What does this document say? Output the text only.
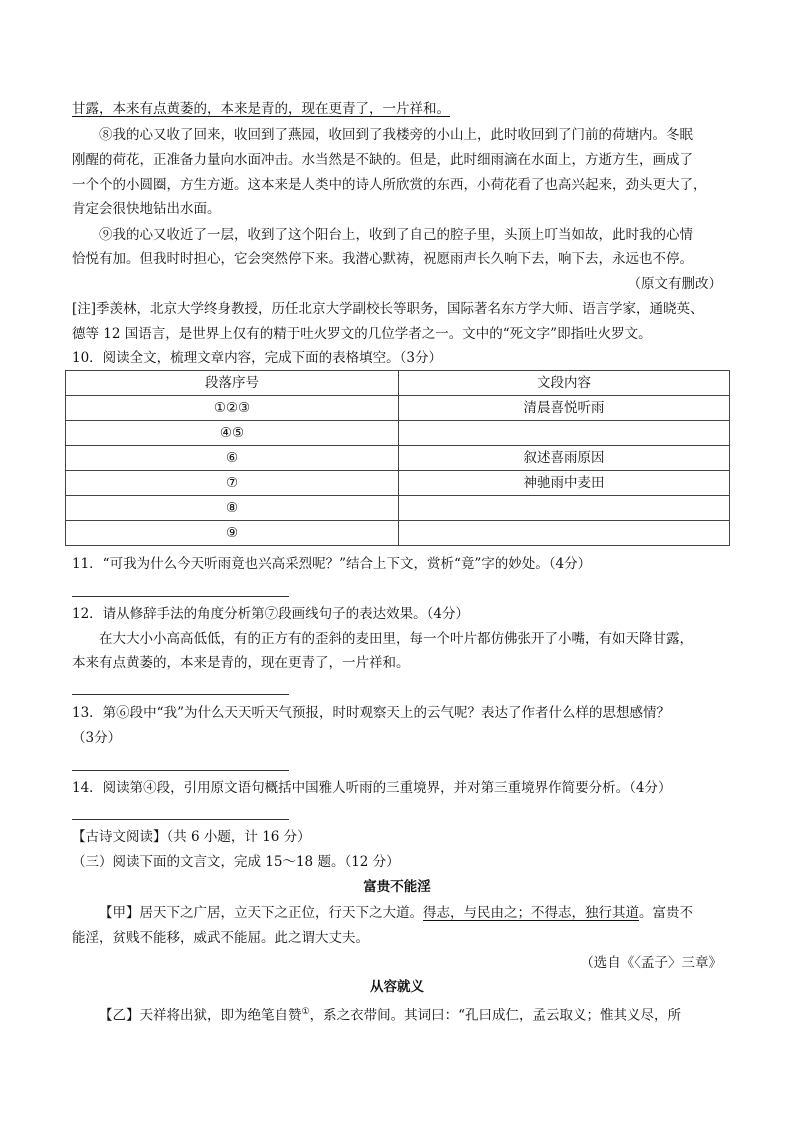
甘露，本来有点黄萎的，本来是青的，现在更青了，一片祥和。
⑧我的心又收了回来，收回到了燕园，收回到了我楼旁的小山上，此时收回到了门前的荷塘内。冬眠
刚醒的荷花，正准备力量向水面冲击。水当然是不缺的。但是，此时细雨滴在水面上，方逝方生，画成了
一个个的小圆圈，方生方逝。这本来是人类中的诗人所欣赏的东西，小荷花看了也高兴起来，劲头更大了，
肯定会很快地钻出水面。
⑨我的心又收近了一层，收到了这个阳台上，收到了自己的腔子里，头顶上叮当如故，此时我的心情
恰悦有加。但我时时担心，它会突然停下来。我潜心默祷，祝愿雨声长久响下去，响下去，永远也不停。
（原文有删改）
[注]季羡林，北京大学终身教授，历任北京大学副校长等职务，国际著名东方学大师、语言学家，通晓英、
德等 12 国语言，是世界上仅有的精于吐火罗文的几位学者之一。文中的“死文字”即指吐火罗文。
10．阅读全文，梳理文章内容，完成下面的表格填空。（3分）
段落序号	文段内容
①②③	清晨喜悦听雨
④⑤	
⑥	叙述喜雨原因
⑦	神驰雨中麦田
⑧	
⑨	
11．“可我为什么今天听雨竟也兴高采烈呢？”结合上下文，赏析“竟”字的妙处。（4分）
12．请从修辞手法的角度分析第⑦段画线句子的表达效果。（4分）
在大大小小高高低低，有的正方有的歪斜的麦田里，每一个叶片都仿佛张开了小嘴，有如天降甘露，
本来有点黄萎的，本来是青的，现在更青了，一片祥和。
13．第⑥段中“我”为什么天天听天气预报，时时观察天上的云气呢？表达了作者什么样的思想感情？
（3分）
14．阅读第④段，引用原文语句概括中国雅人听雨的三重境界，并对第三重境界作简要分析。（4分）
【古诗文阅读】（共 6 小题，计 16 分）
（三）阅读下面的文言文，完成 15～18 题。（12 分）
富贵不能淫
【甲】居天下之广居，立天下之正位，行天下之大道。得志，与民由之；不得志，独行其道。富贵不
能淫，贫贱不能移，威武不能屈。此之谓大丈夫。
（选自《〈孟子〉三章》
从容就义
【乙】天祥将出狱，即为绝笔自赞①，系之衣带间。其词曰：“孔曰成仁，孟云取义；惟其义尽，所
